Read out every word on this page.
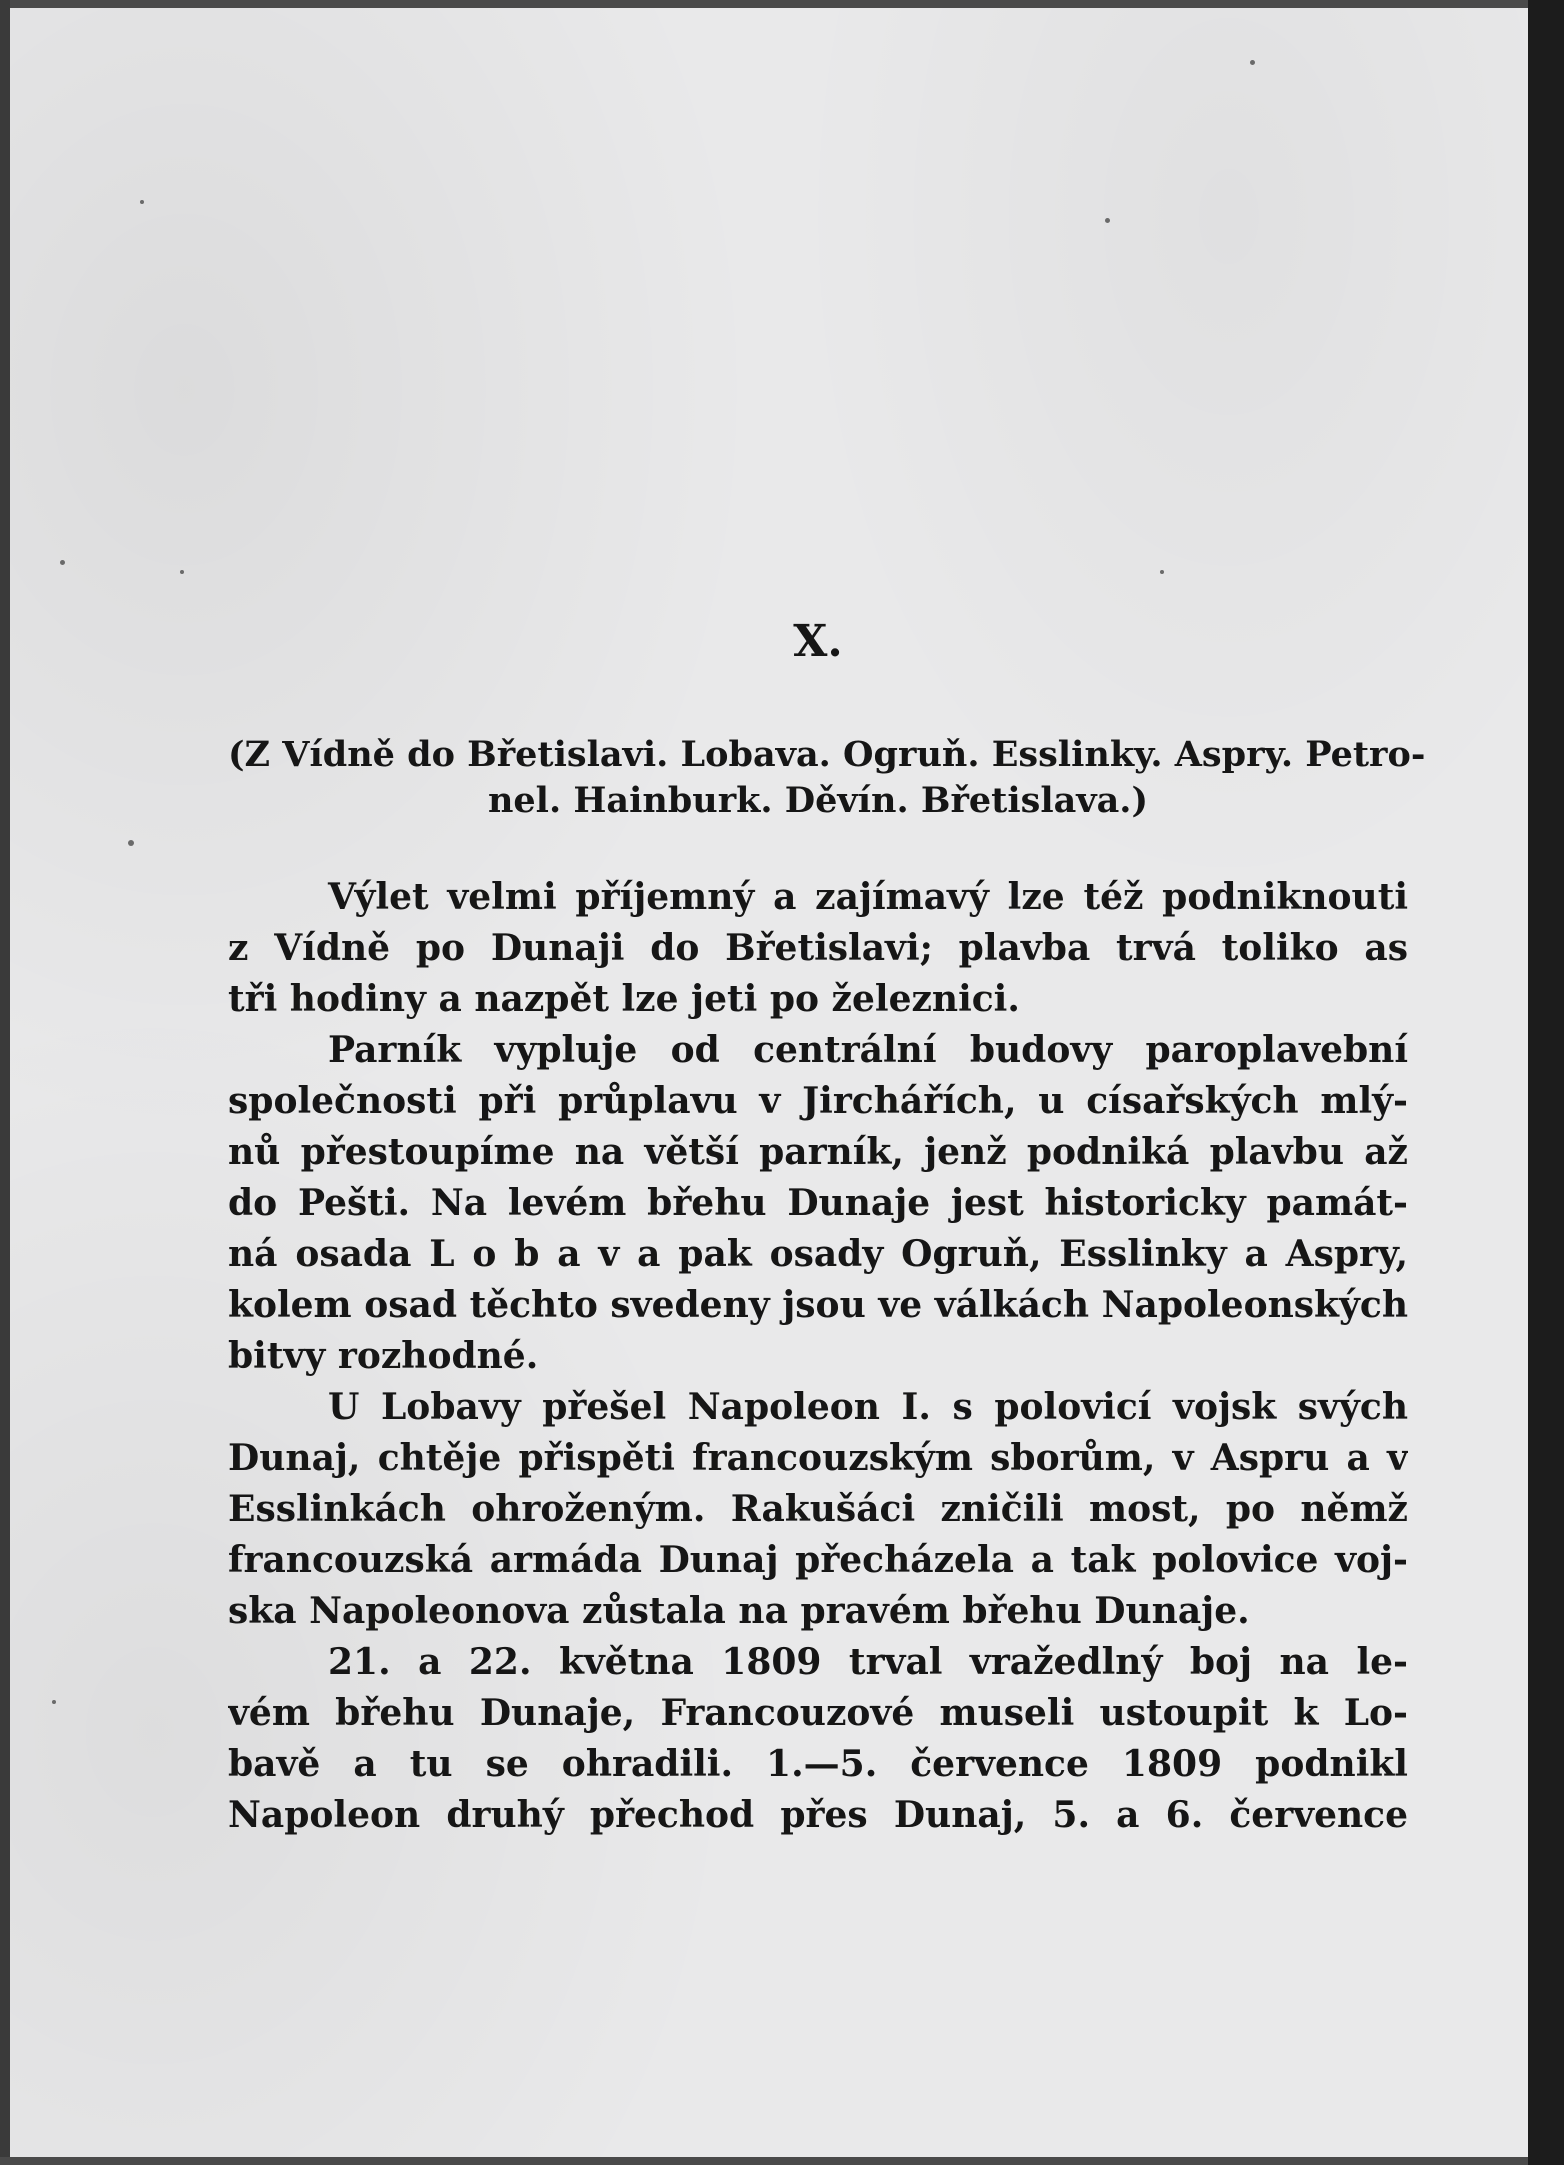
X.
(Z Vídně do Břetislavi. Lobava. Ogruň. Esslinky. Aspry. Petro-
nel. Hainburk. Děvín. Břetislava.)
Výlet velmi příjemný a zajímavý lze též podniknouti
z Vídně po Dunaji do Břetislavi; plavba trvá toliko as
tři hodiny a nazpět lze jeti po železnici.
Parník vypluje od centrální budovy paroplavební
společnosti při průplavu v Jirchářích, u císařských mlý-
nů přestoupíme na větší parník, jenž podniká plavbu až
do Pešti. Na levém břehu Dunaje jest historicky památ-
ná osada L o b a v a pak osady Ogruň, Esslinky a Aspry,
kolem osad těchto svedeny jsou ve válkách Napoleonských
bitvy rozhodné.
U Lobavy přešel Napoleon I. s polovicí vojsk svých
Dunaj, chtěje přispěti francouzským sborům, v Aspru a v
Esslinkách ohroženým. Rakušáci zničili most, po němž
francouzská armáda Dunaj přecházela a tak polovice voj-
ska Napoleonova zůstala na pravém břehu Dunaje.
21. a 22. května 1809 trval vražedlný boj na le-
vém břehu Dunaje, Francouzové museli ustoupit k Lo-
bavě a tu se ohradili. 1.—5. července 1809 podnikl
Napoleon druhý přechod přes Dunaj, 5. a 6. července
